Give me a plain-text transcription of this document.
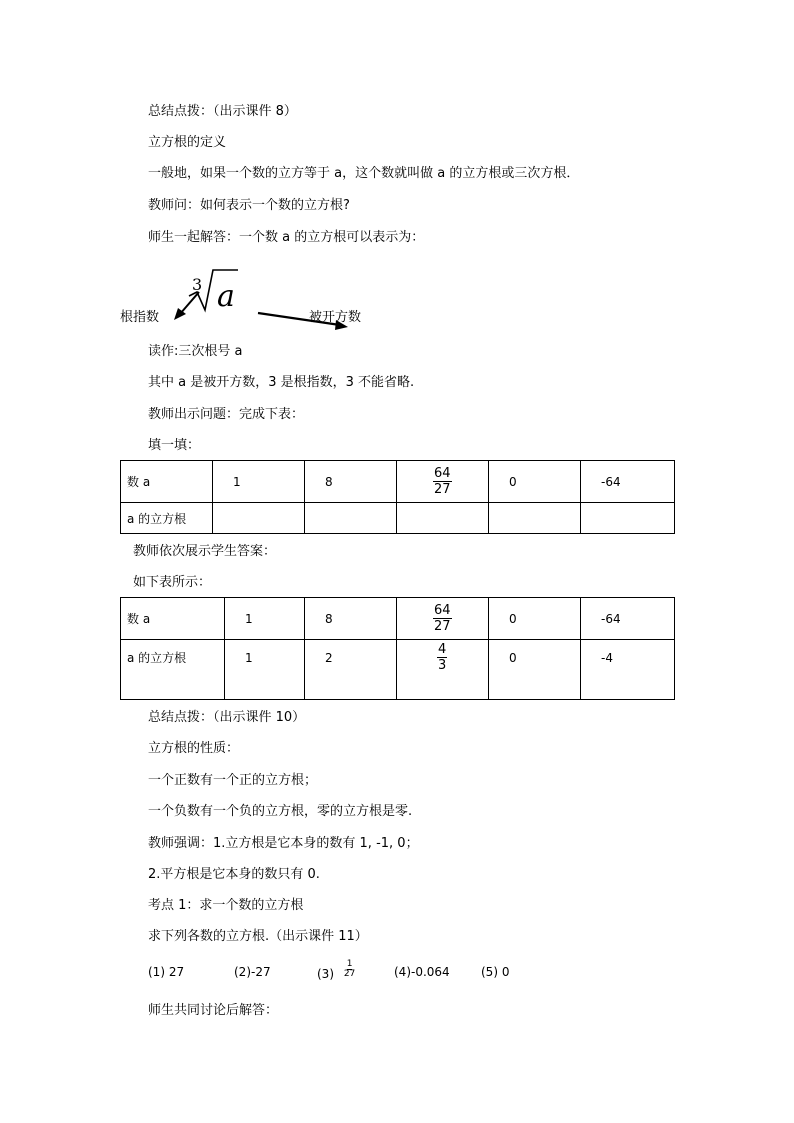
总结点拨：（出示课件 8）
立方根的定义
一般地，如果一个数的立方等于 a，这个数就叫做 a 的立方根或三次方根．
教师问：如何表示一个数的立方根?
师生一起解答：一个数 a 的立方根可以表示为：
3 a
根指数	被开方数
读作:三次根号 a
其中 a 是被开方数，3 是根指数，3 不能省略.
教师出示问题：完成下表：
填一填：
数 a	1	8	$\frac{64}{27}$	0	-64
a 的立方根					
教师依次展示学生答案：
如下表所示：
数 a	1	8	$\frac{64}{27}$	0	-64
a 的立方根	1	2	$\frac{4}{3}$	0	-4
总结点拨：（出示课件 10）
立方根的性质：
一个正数有一个正的立方根；
一个负数有一个负的立方根，零的立方根是零.
教师强调：1.立方根是它本身的数有 1, -1, 0；
2.平方根是它本身的数只有 0.
考点 1：求一个数的立方根
求下列各数的立方根.（出示课件 11）
(1) 27	(2)-27	$(3) \frac{1}{27}$	(4)-0.064	(5) 0
师生共同讨论后解答：
